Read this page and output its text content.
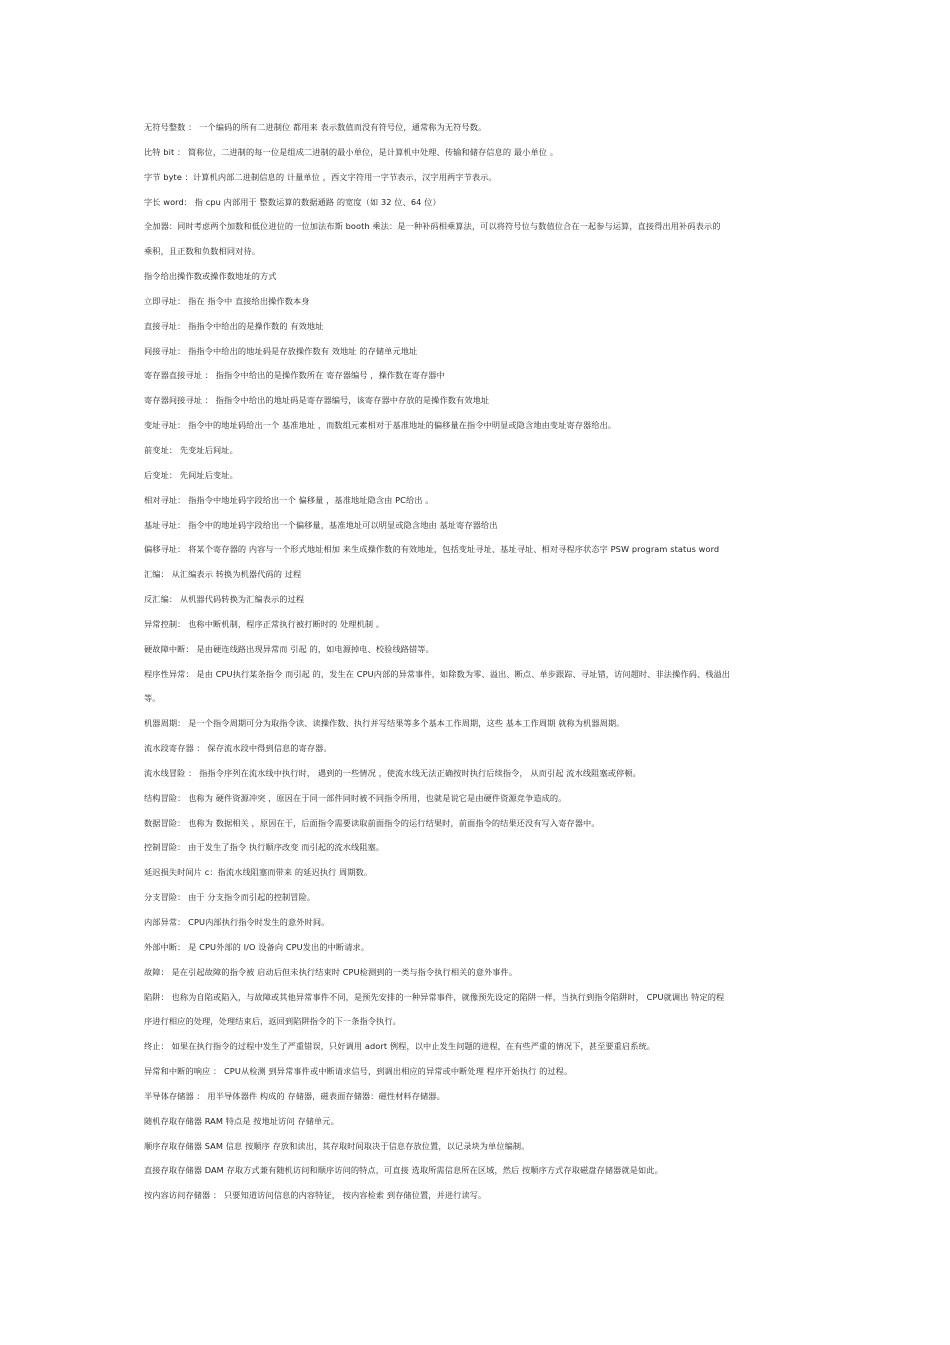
无符号整数 ： 一个编码的所有二进制位 都用来 表示数值而没有符号位，通常称为无符号数。
比特 bit ： 简称位，二进制的每一位是组成二进制的最小单位，是计算机中处理、传输和储存信息的 最小单位 。
字节 byte ：计算机内部二进制信息的 计量单位 ，西文字符用一字节表示，汉字用两字节表示。
字长 word： 指 cpu 内部用于 整数运算的数据通路 的宽度（如 32 位、64 位）
全加器：同时考虑两个加数和低位进位的一位加法布斯 booth 乘法：是一种补码相乘算法，可以将符号位与数值位合在一起参与运算，直接得出用补码表示的
乘积，且正数和负数相同对待。
指令给出操作数或操作数地址的方式
立即寻址： 指在 指令中 直接给出操作数本身
直接寻址： 指指令中给出的是操作数的 有效地址
间接寻址： 指指令中给出的地址码是存放操作数有 效地址 的存储单元地址
寄存器直接寻址 ： 指指令中给出的是操作数所在 寄存器编号 ，操作数在寄存器中
寄存器间接寻址 ： 指指令中给出的地址码是寄存器编号，该寄存器中存放的是操作数有效地址
变址寻址： 指令中的地址码给出一个 基准地址 ，而数组元素相对于基准地址的偏移量在指令中明显或隐含地由变址寄存器给出。
前变址： 先变址后间址。
后变址： 先间址后变址。
相对寻址： 指指令中地址码字段给出一个 偏移量 ，基准地址隐含由 PC给出 。
基址寻址： 指令中的地址码字段给出一个偏移量，基准地址可以明显或隐含地由 基址寄存器给出
偏移寻址： 将某个寄存器的 内容与一个形式地址相加 来生成操作数的有效地址，包括变址寻址、基址寻址、相对寻程序状态字 PSW program status word
汇编： 从汇编表示 转换为机器代码的 过程
反汇编： 从机器代码转换为汇编表示的过程
异常控制： 也称中断机制，程序正常执行被打断时的 处理机制 。
硬故障中断： 是由硬连线路出现异常而 引起 的，如电源掉电、校验线路错等。
程序性异常： 是由 CPU执行某条指令 而引起 的，发生在 CPU内部的异常事件，如除数为零、溢出、断点、单步跟踪、寻址错，访问超时、非法操作码、栈溢出
等。
机器周期： 是一个指令周期可分为取指令读、读操作数、执行并写结果等多个基本工作周期，这些 基本工作周期 就称为机器周期。
流水段寄存器 ： 保存流水段中得到信息的寄存器。
流水线冒险 ： 指指令序列在流水线中执行时， 遇到的一些情况 ，使流水线无法正确按时执行后续指令， 从而引起 流水线阻塞或停顿。
结构冒险： 也称为 硬件资源冲突 ，原因在于同一部件同时被不同指令所用，也就是说它是由硬件资源竞争造成的。
数据冒险： 也称为 数据相关 ，原因在于，后面指令需要读取前面指令的运行结果时，前面指令的结果还没有写入寄存器中。
控制冒险： 由于发生了指令 执行顺序改变 而引起的流水线阻塞。
延迟损失时间片 c：指流水线阻塞而带来 的延迟执行 周期数。
分支冒险： 由于 分支指令而引起的控制冒险。
内部异常： CPU内部执行指令时发生的意外时间。
外部中断： 是 CPU外部的 I/O 设备向 CPU发出的中断请求。
故障： 是在引起故障的指令被 启动后但未执行结束时 CPU检测到的一类与指令执行相关的意外事件。
陷阱： 也称为自陷或陷入，与故障或其他异常事件不同，是预先安排的一种异常事件，就像预先设定的陷阱一样，当执行到指令陷阱时， CPU就调出 特定的程
序进行相应的处理，处理结束后，返回到陷阱指令的下一条指令执行。
终止： 如果在执行指令的过程中发生了严重错误，只好调用 adort 例程，以中止发生问题的进程，在有些严重的情况下，甚至要重启系统。
异常和中断的响应 ： CPU从检测 到异常事件或中断请求信号，到调出相应的异常或中断处理 程序开始执行 的过程。
半导体存储器 ： 用半导体器件 构成的 存储器，磁表面存储器：磁性材料存储器。
随机存取存储器 RAM 特点是 按地址访问 存储单元。
顺序存取存储器 SAM 信息 按顺序 存放和读出，其存取时间取决于信息存放位置，以记录块为单位编制。
直接存取存储器 DAM 存取方式兼有随机访问和顺序访问的特点，可直接 选取所需信息所在区域，然后 按顺序方式存取磁盘存储器就是如此。
按内容访问存储器 ： 只要知道访问信息的内容特征， 按内容检索 到存储位置，并进行读写。
